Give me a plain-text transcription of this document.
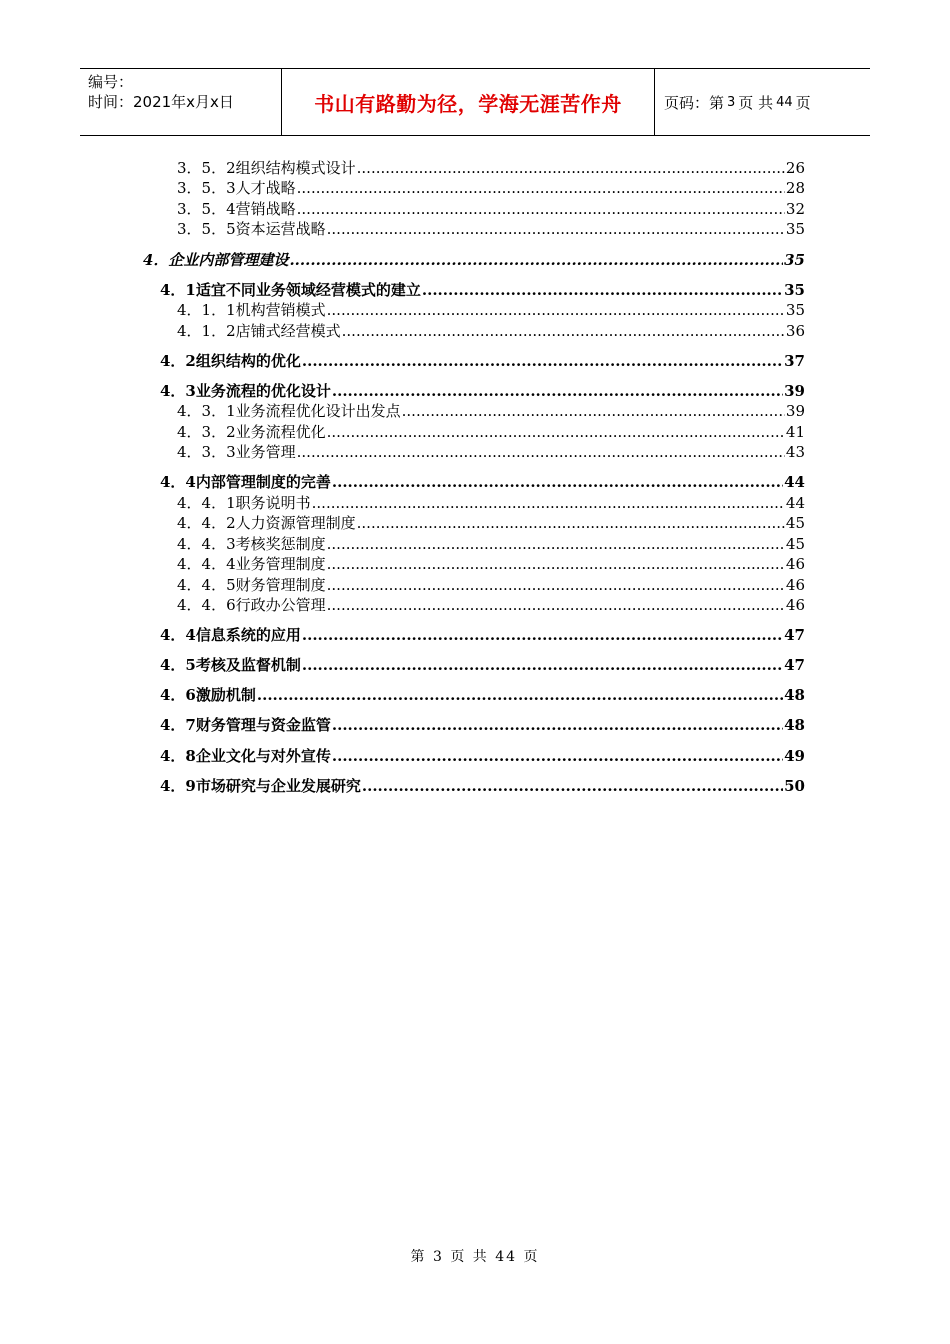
编号：
时间：2021年x月x日	书山有路勤为径，学海无涯苦作舟	页码：第 3 页 共 44 页
3．5．2组织结构模式设计 .....	26
3．5．3人才战略 .....	28
3．5．4营销战略 .....	32
3．5．5资本运营战略 .....	35
4．企业内部管理建设 .....	35
4．1适宜不同业务领域经营模式的建立 .....	35
4．1．1机构营销模式 .....	35
4．1．2店铺式经营模式 .....	36
4．2组织结构的优化 .....	37
4．3业务流程的优化设计 .....	39
4．3．1业务流程优化设计出发点 .....	39
4．3．2业务流程优化 .....	41
4．3．3业务管理 .....	43
4．4内部管理制度的完善 .....	44
4．4．1职务说明书 .....	44
4．4．2人力资源管理制度 .....	45
4．4．3考核奖惩制度 .....	45
4．4．4业务管理制度 .....	46
4．4．5财务管理制度 .....	46
4．4．6行政办公管理 .....	46
4．4信息系统的应用 .....	47
4．5考核及监督机制 .....	47
4．6激励机制 .....	48
4．7财务管理与资金监管 .....	48
4．8企业文化与对外宣传 .....	49
4．9市场研究与企业发展研究 .....	50
第 3 页 共 44 页
